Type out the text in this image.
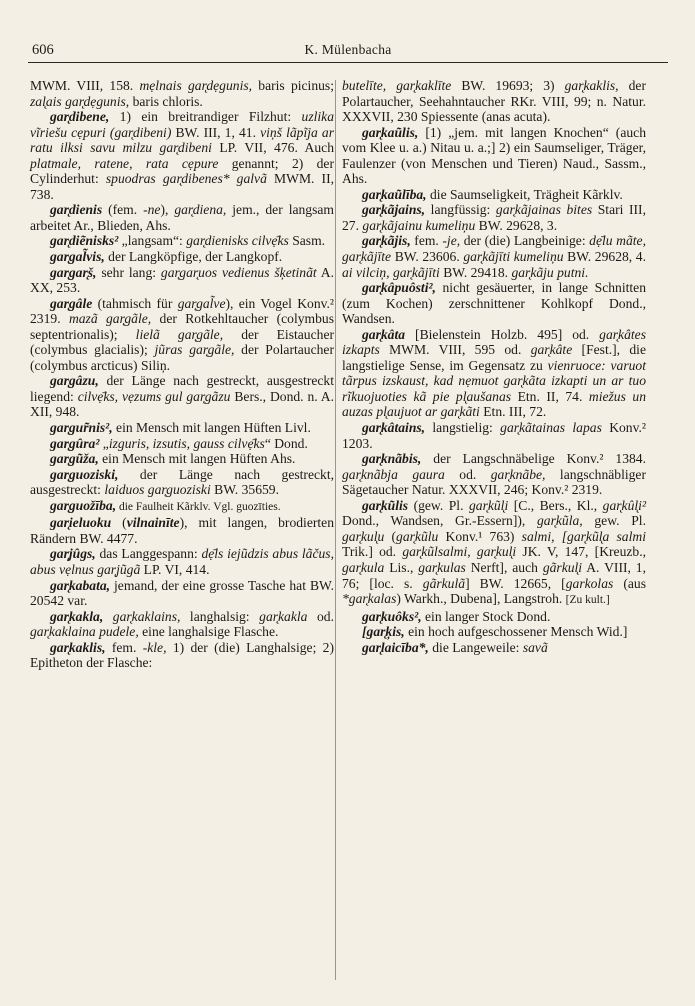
606	K. Mülenbacha

MWM. VIII, 158. mẹlnais gar̨dẹgunis, baris picinus; zal̨ais gar̨dẹgunis, baris chloris.

gar̨dibene, 1) ein breitrandiger Filzhut: uzlika vĩriešu cẹpuri (gar̨dibeni) BW. III, 1, 41. viņš lãpĩja ar ratu ilksi savu milzu gar̨dibeni LP. VII, 476. Auch platmale, ratene, rata cẹpure genannt; 2) der Cylinderhut: spuodras gar̨dibenes* galvã MWM. II, 738.

gar̨dienis (fem. -ne), gar̨diena, jem., der langsam arbeitet Ar., Blieden, Ahs.

gar̨diẽnisks² „langsam“: gar̨dienisks cilvẹ̄ks Sasm.

gar̨gal̃vis, der Langköpfige, der Langkopf.

gar̨gar̨š, sehr lang: gar̨gar̨uos vedienus šķetinãt A. XX, 253.

gar̨gâle (tahmisch für gar̨gal̃ve), ein Vogel Konv.² 2319. mazã gar̨gãle, der Rotkehltaucher (colymbus septentrionalis); lielã gar̨gãle, der Eistaucher (colymbus glacialis); jũras gar̨gãle, der Polartaucher (colymbus arcticus) Siliņ.

gar̨gâzu, der Länge nach gestreckt, ausgestreckt liegend: cilvẹ̄ks, vẹzums gul gar̨gãzu Bers., Dond. n. A. XII, 948.

gar̨gur̃nis², ein Mensch mit langen Hüften Livl.

gar̨gûra² „izguris, izsutis, gauss cilvẹ̄ks“ Dond.

gar̨gũža, ein Mensch mit langen Hüften Ahs.

gar̨guoziski, der Länge nach gestreckt, ausgestreckt: laiduos gar̨guoziski BW. 35659.

gar̨guožība, die Faulheit Kãrklv. Vgl. guozīties.

gar̨ieluoku (vilnainīte), mit langen, brodierten Rändern BW. 4477.

gar̨jûgs, das Langgespann: dẹ̄ls iejũdzis abus lãčus, abus vẹlnus gar̨jũgã LP. VI, 414.

gar̨kabata, jemand, der eine grosse Tasche hat BW. 20542 var.

gar̨kakla, gar̨kaklains, langhalsig: gar̨kakla od. gar̨kaklaina pudele, eine langhalsige Flasche.

gar̨kaklis, fem. -kle, 1) der (die) Langhalsige; 2) Epitheton der Flasche:

butelīte, gar̨kaklīte BW. 19693; 3) gar̨kaklis, der Polartaucher, Seehahntaucher RKr. VIII, 99; n. Natur. XXXVII, 230 Spiessente (anas acuta).

gar̨kaũlis, [1) „jem. mit langen Knochen“ (auch vom Klee u. a.) Nitau u. a.;] 2) ein Saumseliger, Träger, Faulenzer (von Menschen und Tieren) Naud., Sassm., Ahs.

gar̨kaũlība, die Saumseligkeit, Trägheit Kãrklv.

gar̨kãjains, langfüssig: gar̨kãjainas bites Stari III, 27. gar̨kãjainu kumeliņu BW. 29628, 3.

gar̨kãjis, fem. -je, der (die) Langbeinige: dẹ̄lu mãte, gar̨kãjīte BW. 23606. gar̨kãjīti kumeliņu BW. 29628, 4. ai vilciņ, gar̨kãjīti BW. 29418. gar̨kãju putni.

gar̨kâpuôsti², nicht gesäuerter, in lange Schnitten (zum Kochen) zerschnittener Kohlkopf Dond., Wandsen.

gar̨kâta [Bielenstein Holzb. 495] od. gar̨kâtes izkapts MWM. VIII, 595 od. gar̨kâte [Fest.], die langstielige Sense, im Gegensatz zu vienruoce: varuot tãrpus izskaust, kad nẹmuot gar̨kãta izkapti un ar tuo rĩkuojuoties kã pie pl̨aušanas Etn. II, 74. miežus un auzas pl̨aujuot ar gar̨kãti Etn. III, 72.

gar̨kâtains, langstielig: gar̨kãtainas lapas Konv.² 1203.

gar̨knãbis, der Langschnäbelige Konv.² 1384. gar̨knãbja gaura od. gar̨knãbe, langschnäbliger Sägetaucher Natur. XXXVII, 246; Konv.² 2319.

gar̨kũlis (gew. Pl. gar̨kũl̨i [C., Bers., Kl., gar̨kûl̨i² Dond., Wandsen, Gr.-Essern]), gar̨kũla, gew. Pl. gar̨kul̨u (gar̨kũlu Konv.¹ 763) salmi, [gar̨kũl̨a salmi Trik.] od. gar̨kũlsalmi, gar̨kul̨i JK. V, 147, [Kreuzb., gar̨kula Lis., gar̨kulas Nerft], auch gãrkul̨i A. VIII, 1, 76; [loc. s. gãrkulã] BW. 12665, [garkolas (aus *gar̨kalas) Warkh., Dubena], Langstroh. [Zu kult.]

gar̨kuôks², ein langer Stock Dond.

[gar̨ķis, ein hoch aufgeschossener Mensch Wid.]

gar̨laicība*, die Langeweile: savã
